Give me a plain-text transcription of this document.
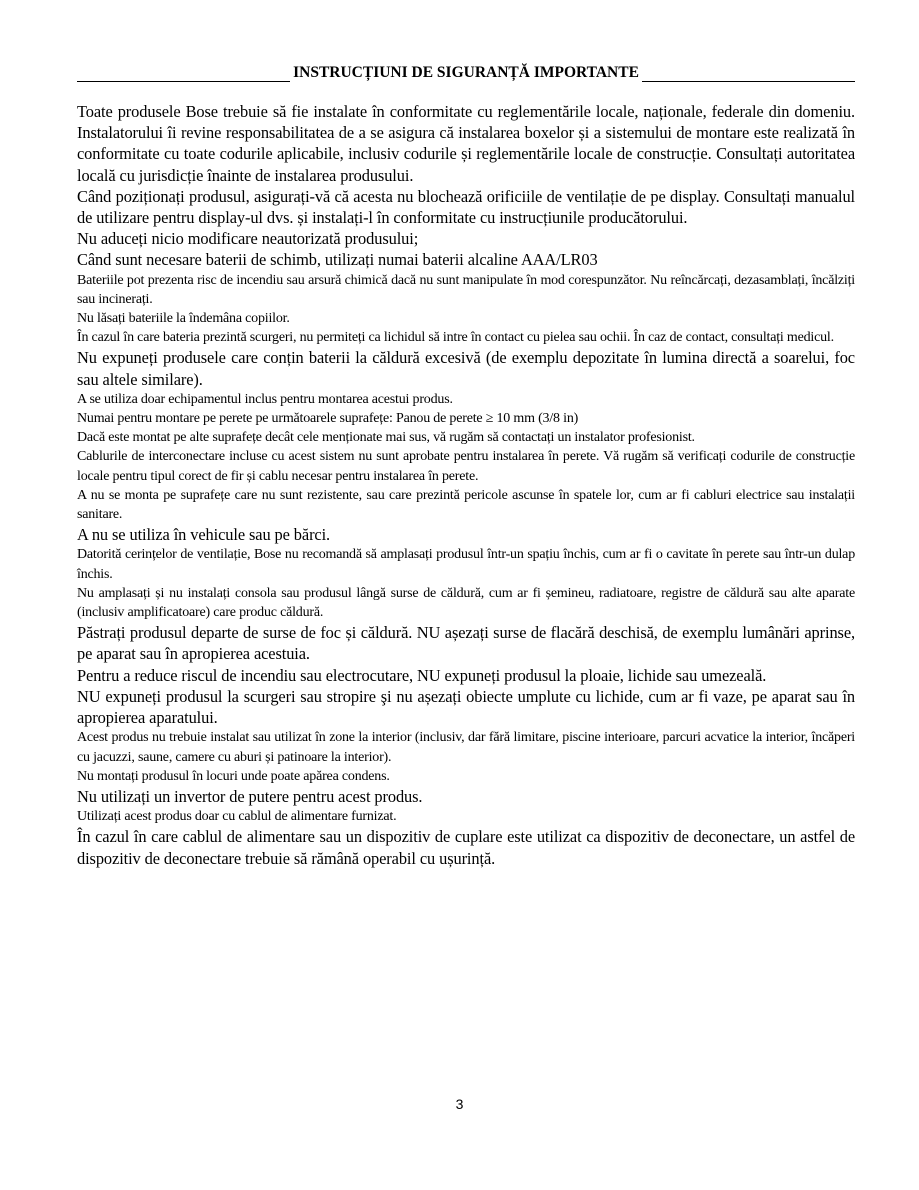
INSTRUCȚIUNI DE SIGURANȚĂ IMPORTANTE

Toate produsele Bose trebuie să fie instalate în conformitate cu reglementările locale, naționale, federale din domeniu. Instalatorului îi revine responsabilitatea de a se asigura că instalarea boxelor și a sistemului de montare este realizată în conformitate cu toate codurile aplicabile, inclusiv codurile și reglementările locale de construcție. Consultați autoritatea locală cu jurisdicție înainte de instalarea produsului.

Când poziționați produsul, asigurați-vă că acesta nu blochează orificiile de ventilație de pe display. Consultați manualul de utilizare pentru display-ul dvs. și instalați-l în conformitate cu instrucțiunile producătorului.

Nu aduceți nicio modificare neautorizată produsului;

Când sunt necesare baterii de schimb, utilizați numai baterii alcaline AAA/LR03

Bateriile pot prezenta risc de incendiu sau arsură chimică dacă nu sunt manipulate în mod corespunzător. Nu reîncărcați, dezasamblați, încălziți sau incinerați.

Nu lăsați bateriile la îndemâna copiilor.

În cazul în care bateria prezintă scurgeri, nu permiteți ca lichidul să intre în contact cu pielea sau ochii. În caz de contact, consultați medicul.

Nu expuneți produsele care conțin baterii la căldură excesivă (de exemplu depozitate în lumina directă a soarelui, foc sau altele similare).

A se utiliza doar echipamentul inclus pentru montarea acestui produs.

Numai pentru montare pe perete pe următoarele suprafețe: Panou de perete ≥ 10 mm (3/8 in)

Dacă este montat pe alte suprafețe decât cele menționate mai sus, vă rugăm să contactați un instalator profesionist.

Cablurile de interconectare incluse cu acest sistem nu sunt aprobate pentru instalarea în perete. Vă rugăm să verificați codurile de construcție locale pentru tipul corect de fir și cablu necesar pentru instalarea în perete.

A nu se monta pe suprafețe care nu sunt rezistente, sau care prezintă pericole ascunse în spatele lor, cum ar fi cabluri electrice sau instalații sanitare.

A nu se utiliza în vehicule sau pe bărci.

Datorită cerințelor de ventilație, Bose nu recomandă să amplasați produsul într-un spațiu închis, cum ar fi o cavitate în perete sau într-un dulap închis.

Nu amplasați și nu instalați consola sau produsul lângă surse de căldură, cum ar fi șemineu, radiatoare, registre de căldură sau alte aparate (inclusiv amplificatoare) care produc căldură.

Păstrați produsul departe de surse de foc și căldură. NU așezați surse de flacără deschisă, de exemplu lumânări aprinse, pe aparat sau în apropierea acestuia.

Pentru a reduce riscul de incendiu sau electrocutare, NU expuneți produsul la ploaie, lichide sau umezeală.

NU expuneți produsul la scurgeri sau stropire şi nu așezați obiecte umplute cu lichide, cum ar fi vaze, pe aparat sau în apropierea aparatului.

Acest produs nu trebuie instalat sau utilizat în zone la interior (inclusiv, dar fără limitare, piscine interioare, parcuri acvatice la interior, încăperi cu jacuzzi, saune, camere cu aburi și patinoare la interior).

Nu montați produsul în locuri unde poate apărea condens.

Nu utilizați un invertor de putere pentru acest produs.

Utilizați acest produs doar cu cablul de alimentare furnizat.

În cazul în care cablul de alimentare sau un dispozitiv de cuplare este utilizat ca dispozitiv de deconectare, un astfel de dispozitiv de deconectare trebuie să rămână operabil cu ușurință.

3
